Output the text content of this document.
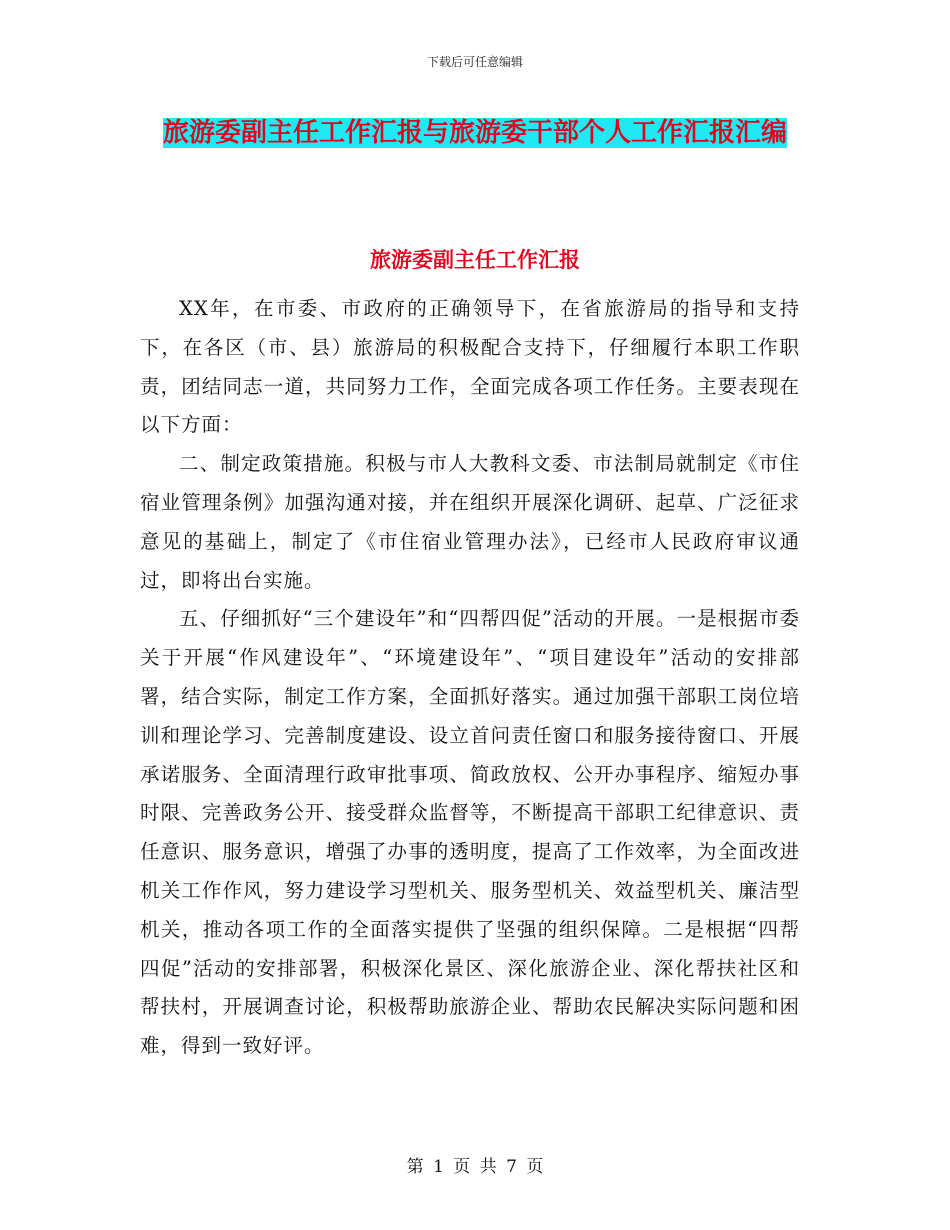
下载后可任意编辑
旅游委副主任工作汇报与旅游委干部个人工作汇报汇编
旅游委副主任工作汇报

XX年，在市委、市政府的正确领导下，在省旅游局的指导和支持下，在各区（市、县）旅游局的积极配合支持下，仔细履行本职工作职责，团结同志一道，共同努力工作，全面完成各项工作任务。主要表现在以下方面：

二、制定政策措施。积极与市人大教科文委、市法制局就制定《市住宿业管理条例》加强沟通对接，并在组织开展深化调研、起草、广泛征求意见的基础上，制定了《市住宿业管理办法》，已经市人民政府审议通过，即将出台实施。

五、仔细抓好“三个建设年”和“四帮四促”活动的开展。一是根据市委关于开展“作风建设年”、“环境建设年”、“项目建设年”活动的安排部署，结合实际，制定工作方案，全面抓好落实。通过加强干部职工岗位培训和理论学习、完善制度建设、设立首问责任窗口和服务接待窗口、开展承诺服务、全面清理行政审批事项、简政放权、公开办事程序、缩短办事时限、完善政务公开、接受群众监督等，不断提高干部职工纪律意识、责任意识、服务意识，增强了办事的透明度，提高了工作效率，为全面改进机关工作作风，努力建设学习型机关、服务型机关、效益型机关、廉洁型机关，推动各项工作的全面落实提供了坚强的组织保障。二是根据“四帮四促”活动的安排部署，积极深化景区、深化旅游企业、深化帮扶社区和帮扶村，开展调查讨论，积极帮助旅游企业、帮助农民解决实际问题和困难，得到一致好评。

第 1 页 共 7 页
